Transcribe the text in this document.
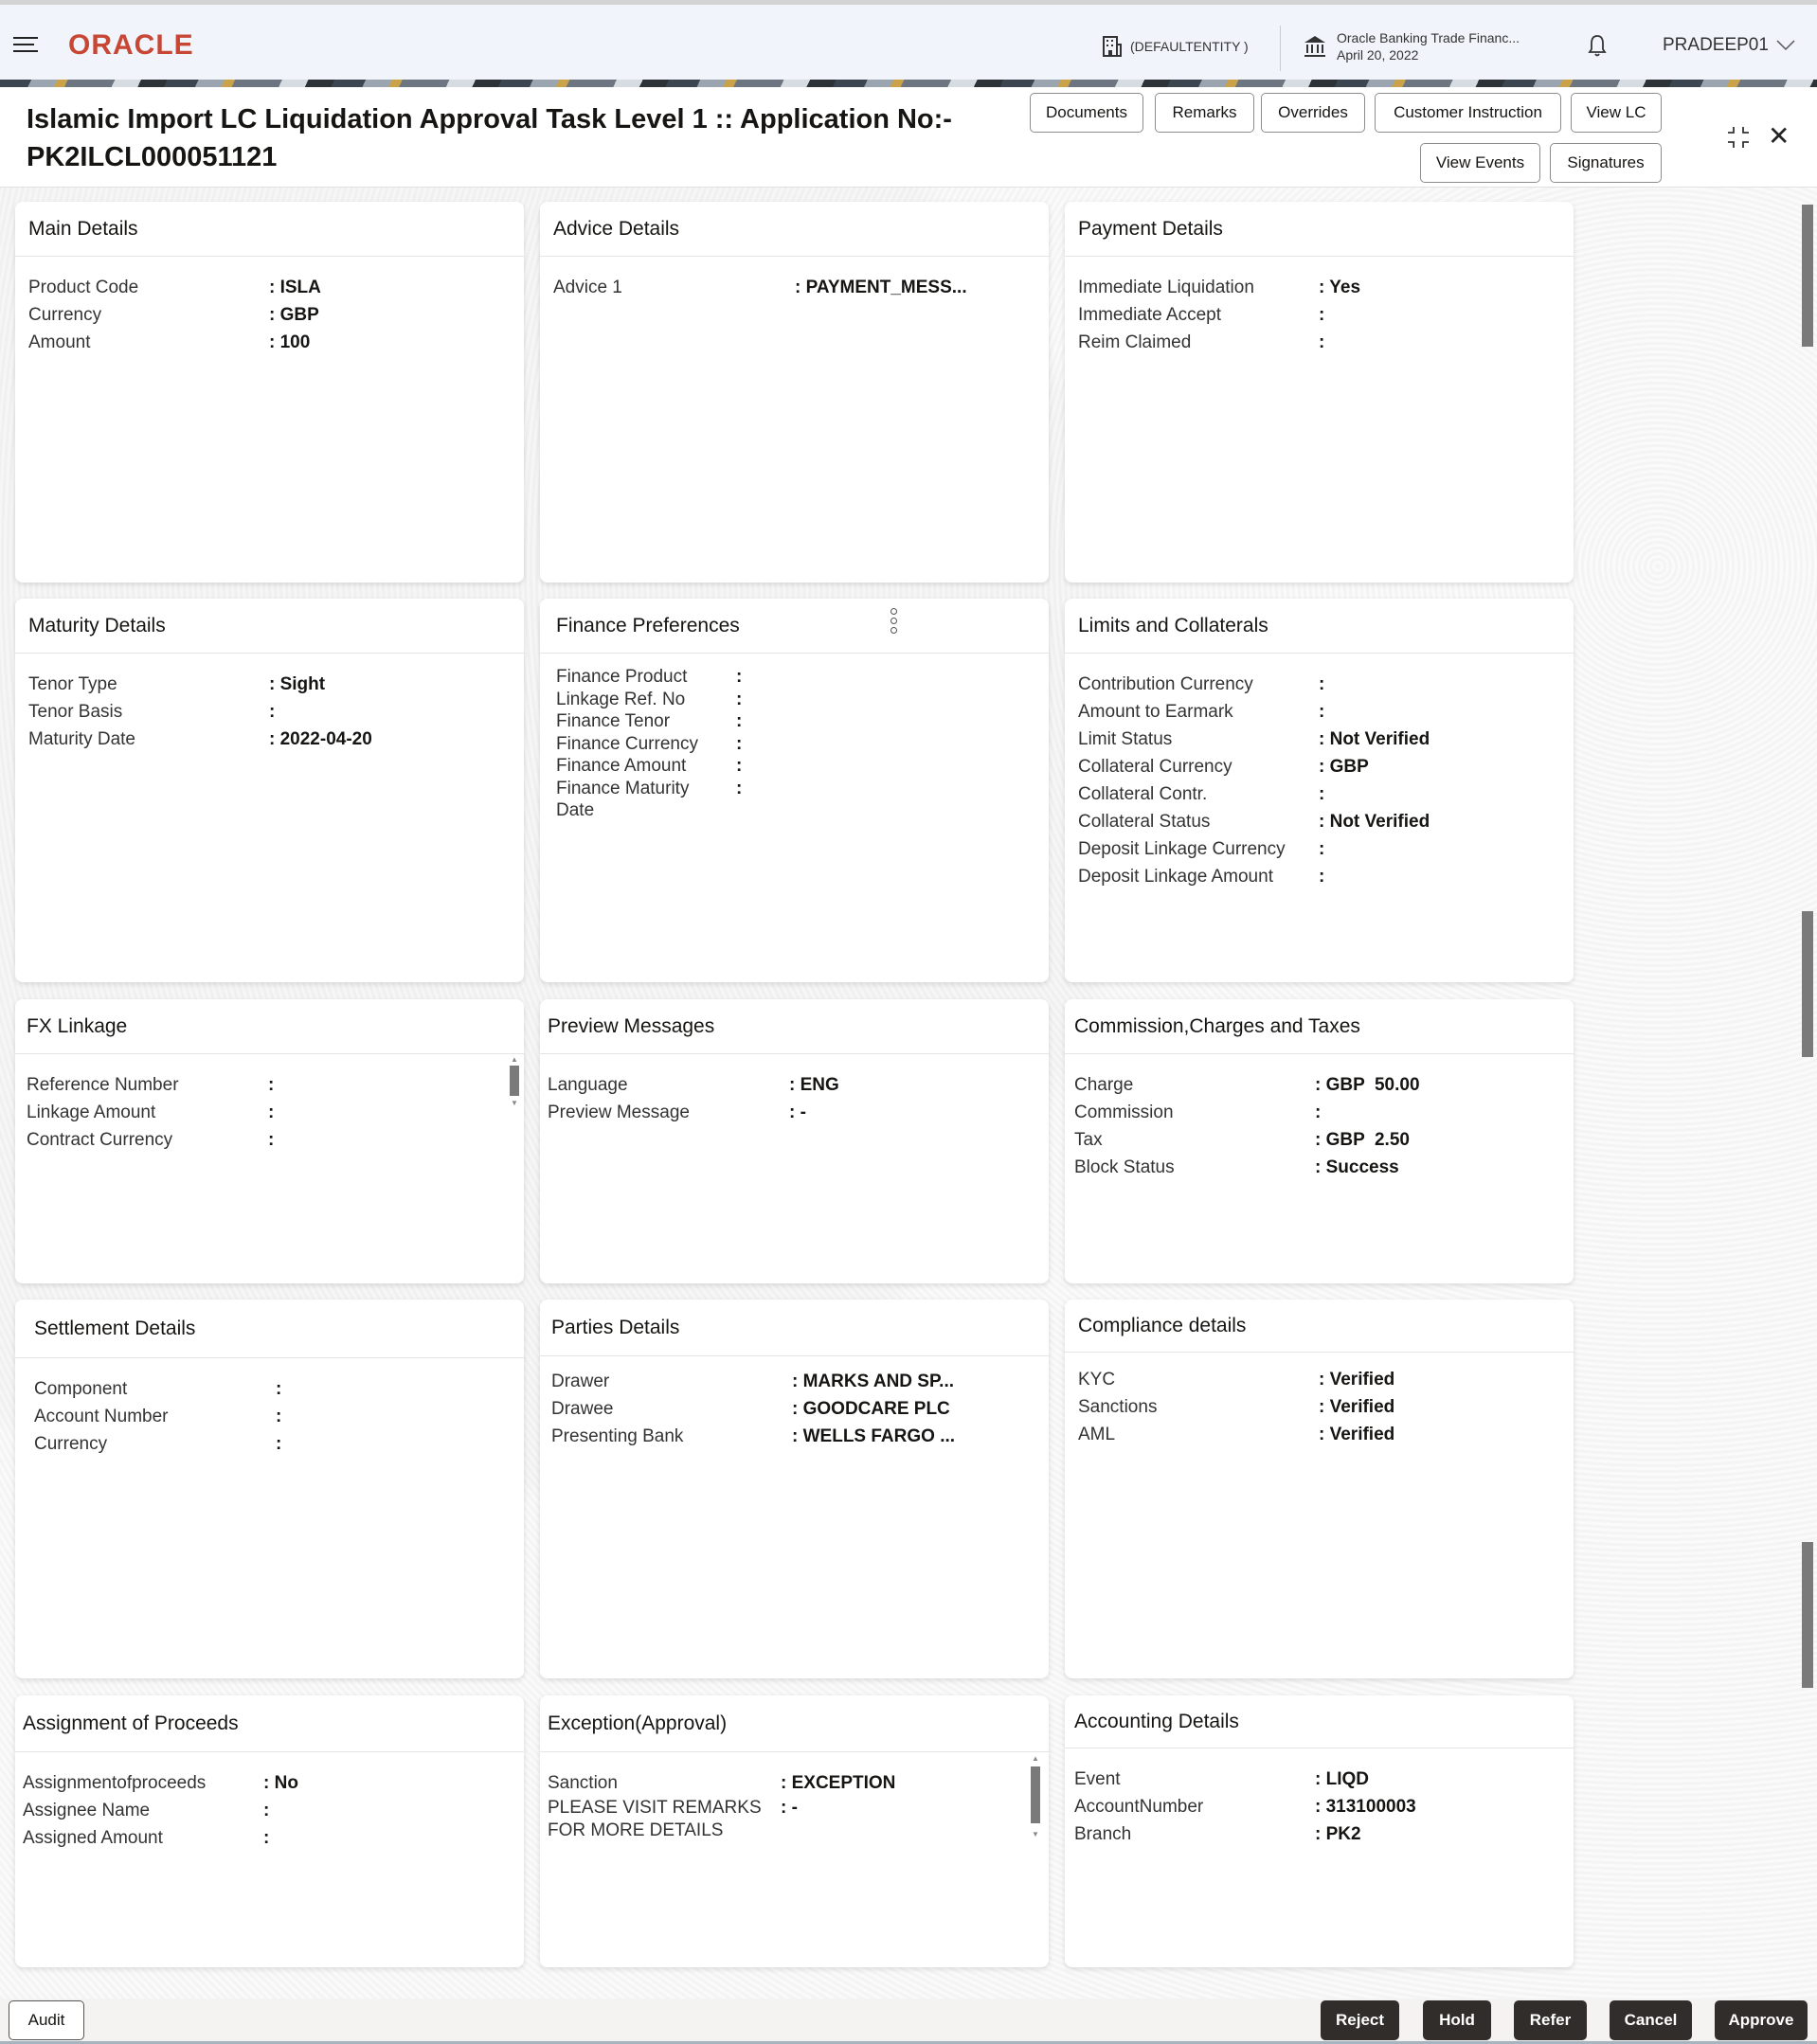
ORACLE	(DEFAULTENTITY )
Oracle Banking Trade Financ...
April 20, 2022	PRADEEP01
Islamic Import LC Liquidation Approval Task Level 1 :: Application No:-
PK2ILCL000051121
Documents	Remarks	Overrides	Customer Instruction	View LC
View Events	Signatures
✕
Main Details
Product Code	: ISLA
Currency	: GBP
Amount	: 100
Advice Details
Advice 1	: PAYMENT_MESS...
Payment Details
Immediate Liquidation	: Yes
Immediate Accept	:
Reim Claimed	:
Maturity Details
Tenor Type	: Sight
Tenor Basis	:
Maturity Date	: 2022-04-20
Finance Preferences
Finance Product	:
Linkage Ref. No	:
Finance Tenor	:
Finance Currency	:
Finance Amount	:
Finance Maturity	:
Date
Limits and Collaterals
Contribution Currency	:
Amount to Earmark	:
Limit Status	: Not Verified
Collateral Currency	: GBP
Collateral Contr.	:
Collateral Status	: Not Verified
Deposit Linkage Currency	:
Deposit Linkage Amount	:
FX Linkage
Reference Number	:
Linkage Amount	:
Contract Currency	:
▲
▼
Preview Messages
Language	: ENG
Preview Message	: -
Commission,Charges and Taxes
Charge	: GBP  50.00
Commission	:
Tax	: GBP  2.50
Block Status	: Success
Settlement Details
Component	:
Account Number	:
Currency	:
Parties Details
Drawer	: MARKS AND SP...
Drawee	: GOODCARE PLC
Presenting Bank	: WELLS FARGO ...
Compliance details
KYC	: Verified
Sanctions	: Verified
AML	: Verified
Assignment of Proceeds
Assignmentofproceeds	: No
Assignee Name	:
Assigned Amount	:
Exception(Approval)
Sanction	: EXCEPTION
PLEASE VISIT REMARKS	: -
FOR MORE DETAILS
▲
▼
Accounting Details
Event	: LIQD
AccountNumber	: 313100003
Branch	: PK2
Audit	Reject	Hold	Refer	Cancel	Approve
